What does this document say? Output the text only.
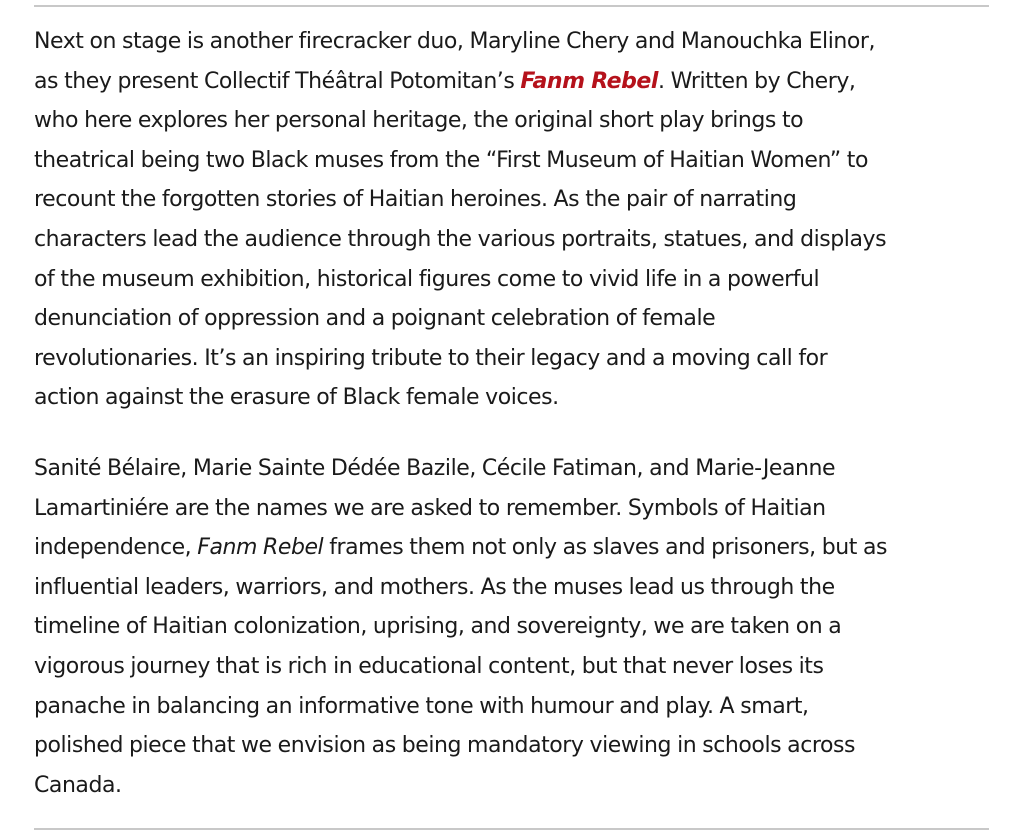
Next on stage is another firecracker duo, Maryline Chery and Manouchka Elinor,
as they present Collectif Théâtral Potomitan’s Fanm Rebel. Written by Chery,
who here explores her personal heritage, the original short play brings to
theatrical being two Black muses from the “First Museum of Haitian Women” to
recount the forgotten stories of Haitian heroines. As the pair of narrating
characters lead the audience through the various portraits, statues, and displays
of the museum exhibition, historical figures come to vivid life in a powerful
denunciation of oppression and a poignant celebration of female
revolutionaries. It’s an inspiring tribute to their legacy and a moving call for
action against the erasure of Black female voices.

Sanité Bélaire, Marie Sainte Dédée Bazile, Cécile Fatiman, and Marie-Jeanne
Lamartiniére are the names we are asked to remember. Symbols of Haitian
independence, Fanm Rebel frames them not only as slaves and prisoners, but as
influential leaders, warriors, and mothers. As the muses lead us through the
timeline of Haitian colonization, uprising, and sovereignty, we are taken on a
vigorous journey that is rich in educational content, but that never loses its
panache in balancing an informative tone with humour and play. A smart,
polished piece that we envision as being mandatory viewing in schools across
Canada.
